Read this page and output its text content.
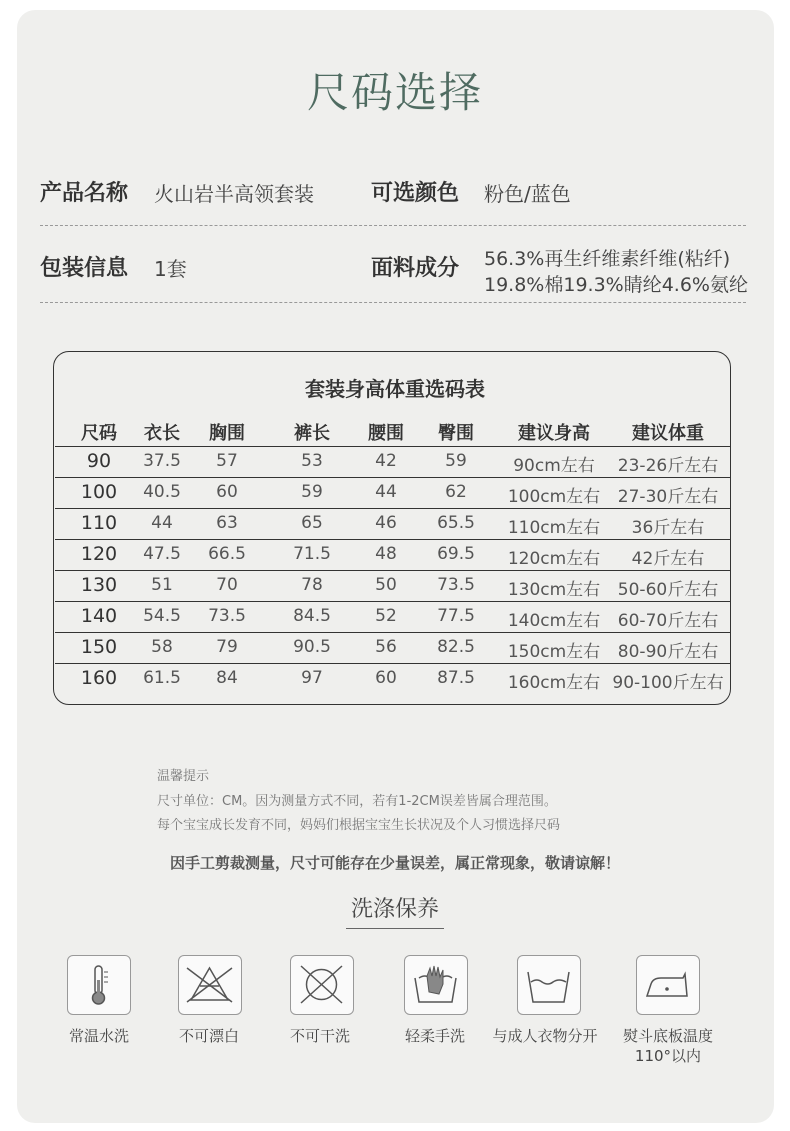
尺码选择
产品名称 火山岩半高领套装	可选颜色 粉色/蓝色
包装信息 1套	面料成分 56.3%再生纤维素纤维(粘纤)
19.8%棉19.3%睛纶4.6%氨纶
套装身高体重选码表
尺码 衣长 胸围	裤长 腰围 臀围 建议身高 建议体重
90 37.5 57	53	42	59	90cm左右 23-26斤左右
100 40.5 60	59	44	62 100cm左右 27-30斤左右
110 44	63	65	46 65.5 110cm左右 36斤左右
120 47.5 66.5	71.5	48 69.5 120cm左右 42斤左右
130 51	70	78	50 73.5 130cm左右 50-60斤左右
140 54.5 73.5	84.5	52 77.5 140cm左右 60-70斤左右
150 58	79	90.5	56 82.5 150cm左右 80-90斤左右
160 61.5 84	97	60 87.5 160cm左右 90-100斤左右
温馨提示
尺寸单位：CM。因为测量方式不同，若有1-2CM误差皆属合理范围。
每个宝宝成长发育不同，妈妈们根据宝宝生长状况及个人习惯选择尺码
因手工剪裁测量，尺寸可能存在少量误差，属正常现象，敬请谅解！
洗涤保养
常温水洗	不可漂白	不可干洗	轻柔手洗 与成人衣物分开 熨斗底板温度
110°以内
